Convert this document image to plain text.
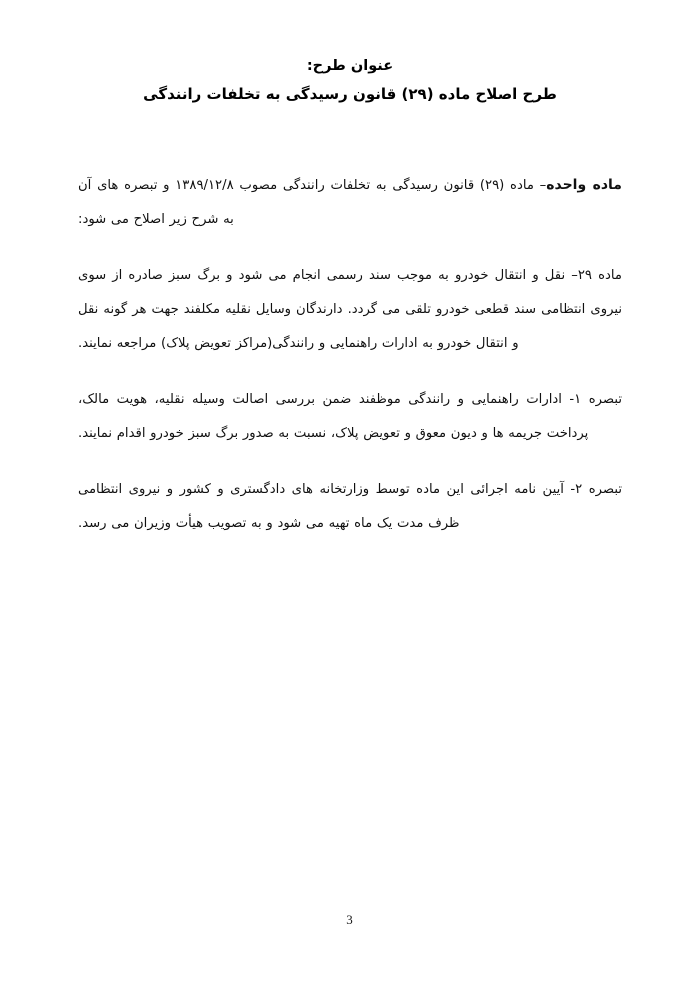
عنوان طرح:
طرح اصلاح ماده (۲۹) قانون رسیدگی به تخلفات رانندگی

ماده واحده– ماده (۲۹) قانون رسیدگی به تخلفات رانندگی مصوب ۱۳۸۹/۱۲/۸ و تبصره های آن به شرح زیر اصلاح می شود:

ماده ۲۹– نقل و انتقال خودرو به موجب سند رسمی انجام می شود و برگ سبز صادره از سوی نیروی انتظامی سند قطعی خودرو تلقی می گردد. دارندگان وسایل نقلیه مکلفند جهت هر گونه نقل و انتقال خودرو به ادارات راهنمایی و رانندگی(مراکز تعویض پلاک) مراجعه نمایند.

تبصره ۱- ادارات راهنمایی و رانندگی موظفند ضمن بررسی اصالت وسیله نقلیه، هویت مالک، پرداخت جریمه ها و دیون معوق و تعویض پلاک، نسبت به صدور برگ سبز خودرو اقدام نمایند.

تبصره ۲- آیین نامه اجرائی این ماده توسط وزارتخانه های دادگستری و کشور و نیروی انتظامی ظرف مدت یک ماه تهیه می شود و به تصویب هیأت وزیران می رسد.

3
